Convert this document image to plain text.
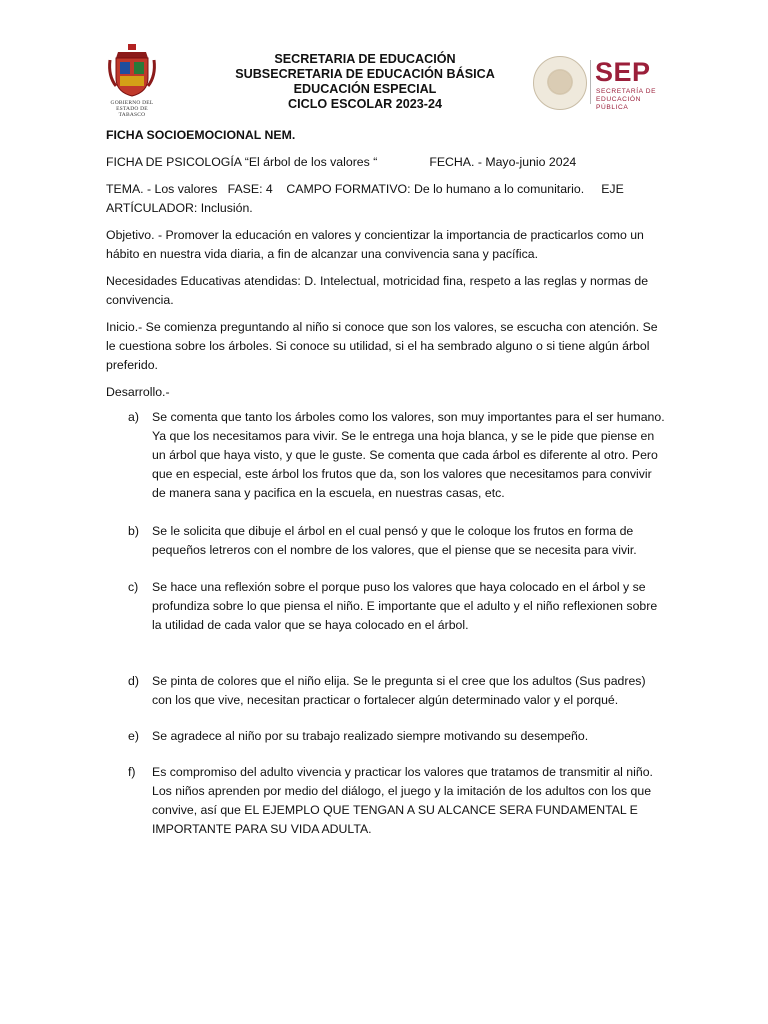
GOBIERNO DEL ESTADO DE TABASCO
SECRETARIA DE EDUCACIÓN
SUBSECRETARIA DE EDUCACIÓN BÁSICA
EDUCACIÓN ESPECIAL
CICLO ESCOLAR 2023-24
SEP
SECRETARÍA DE
EDUCACIÓN PÚBLICA

FICHA SOCIOEMOCIONAL NEM.

FICHA DE PSICOLOGÍA “El árbol de los valores “	FECHA. - Mayo-junio 2024

TEMA. - Los valores   FASE: 4    CAMPO FORMATIVO: De lo humano a lo comunitario.     EJE
ARTÍCULADOR: Inclusión.

Objetivo. - Promover la educación en valores y concientizar la importancia de practicarlos como un hábito en nuestra vida diaria, a fin de alcanzar una convivencia sana y pacífica.

Necesidades Educativas atendidas: D. Intelectual, motricidad fina, respeto a las reglas y normas de convivencia.

Inicio.- Se comienza preguntando al niño si conoce que son los valores, se escucha con atención. Se le cuestiona sobre los árboles. Si conoce su utilidad, si el ha sembrado alguno o si tiene algún árbol preferido.

Desarrollo.-

a) Se comenta que tanto los árboles como los valores, son muy importantes para el ser humano. Ya que los necesitamos para vivir. Se le entrega una hoja blanca, y se le pide que piense en un árbol que haya visto, y que le guste. Se comenta que cada árbol es diferente al otro. Pero que en especial, este árbol los frutos que da, son los valores que necesitamos para convivir de manera sana y pacifica en la escuela, en nuestras casas, etc.
b) Se le solicita que dibuje el árbol en el cual pensó y que le coloque los frutos en forma de pequeños letreros con el nombre de los valores, que el piense que se necesita para vivir.
c) Se hace una reflexión sobre el porque puso los valores que haya colocado en el árbol y se profundiza sobre lo que piensa el niño. E importante que el adulto y el niño reflexionen sobre la utilidad de cada valor que se haya colocado en el árbol.
d) Se pinta de colores que el niño elija. Se le pregunta si el cree que los adultos (Sus padres) con los que vive, necesitan practicar o fortalecer algún determinado valor y el porqué.
e) Se agradece al niño por su trabajo realizado siempre motivando su desempeño.
f) Es compromiso del adulto vivencia y practicar los valores que tratamos de transmitir al niño. Los niños aprenden por medio del diálogo, el juego y la imitación de los adultos con los que convive, así que EL EJEMPLO QUE TENGAN A SU ALCANCE SERA FUNDAMENTAL E IMPORTANTE PARA SU VIDA ADULTA.
